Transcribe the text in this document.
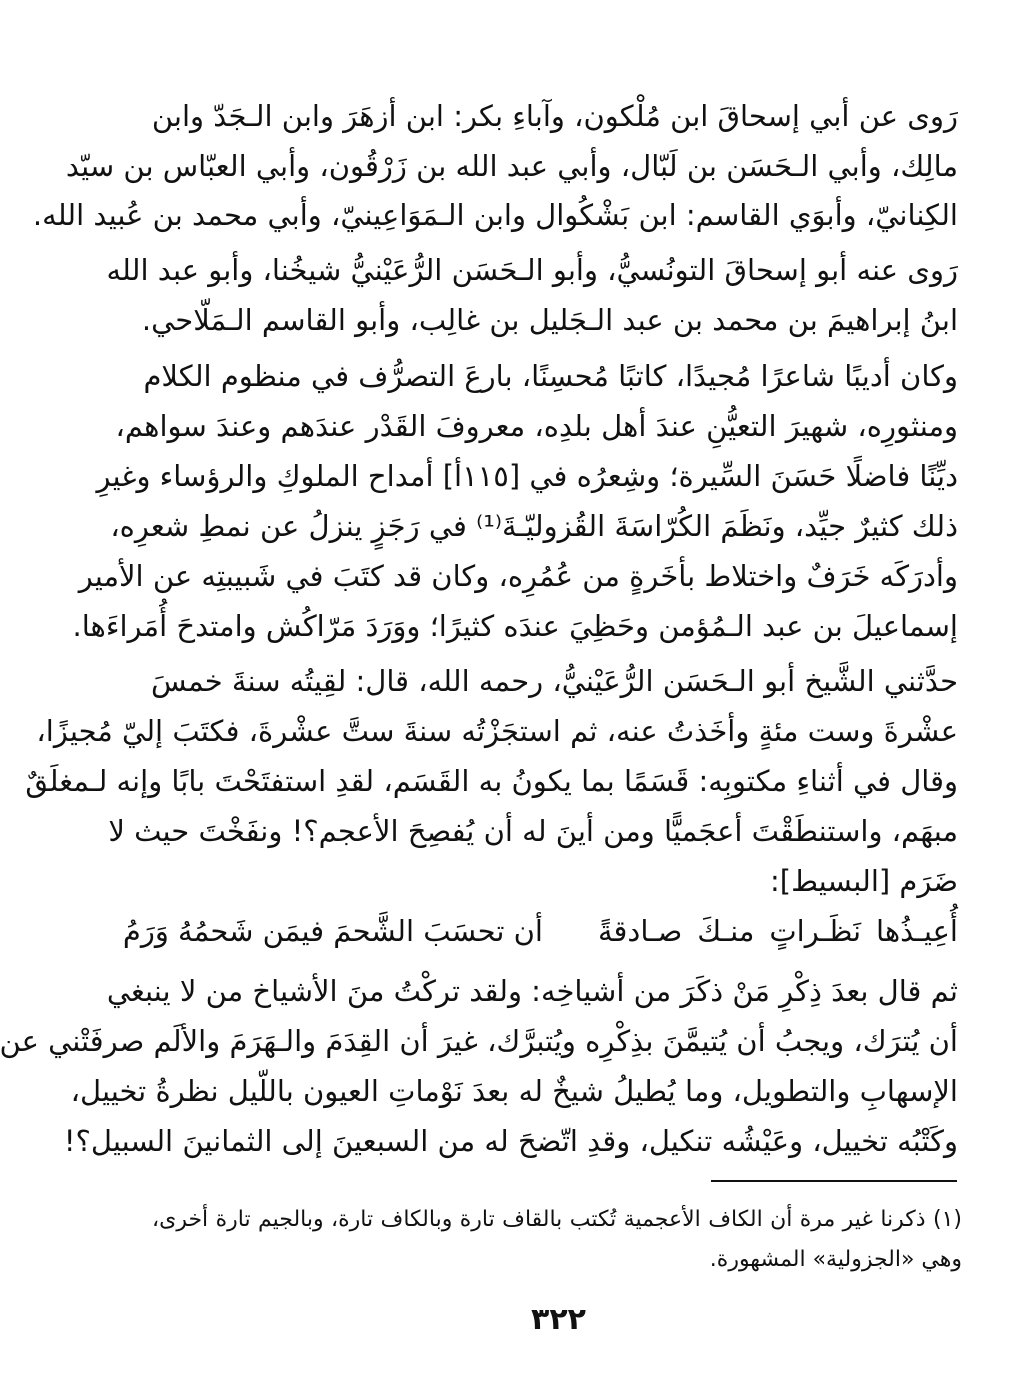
رَوى عن أبي إسحاقَ ابن مُلْكون، وآباءِ بكر: ابن أزهَرَ وابن الـجَدّ وابن
مالِك، وأبي الـحَسَن بن لَبّال، وأبي عبد الله بن زَرْقُون، وأبي العبّاس بن سيّد
الكِنانيّ، وأبوَي القاسم: ابن بَشْكُوال وابن الـمَوَاعِينيّ، وأبي محمد بن عُبيد الله.
رَوى عنه أبو إسحاقَ التونُسيُّ، وأبو الـحَسَن الرُّعَيْنيُّ شيخُنا، وأبو عبد الله
ابنُ إبراهيمَ بن محمد بن عبد الـجَليل بن غالِب، وأبو القاسم الـمَلّاحي.
وكان أديبًا شاعرًا مُجيدًا، كاتبًا مُحسِنًا، بارعَ التصرُّف في منظوم الكلام
ومنثورِه، شهيرَ التعيُّنِ عندَ أهل بلدِه، معروفَ القَدْر عندَهم وعندَ سواهم،
ديِّنًا فاضلًا حَسَنَ السِّيرة؛ وشِعرُه في [١١٥أ] أمداح الملوكِ والرؤساء وغيرِ
ذلك كثيرٌ جيِّد، ونَظَمَ الكُرّاسَةَ القُزوليّـةَ⁽¹⁾ في رَجَزٍ ينزلُ عن نمطِ شعرِه،
وأدرَكَه خَرَفٌ واختلاط بأخَرةٍ من عُمُرِه، وكان قد كتَبَ في شَبيبتِه عن الأمير
إسماعيلَ بن عبد الـمُؤمن وحَظِيَ عندَه كثيرًا؛ ووَرَدَ مَرّاكُش وامتدحَ أُمَراءَها.
حدَّثني الشَّيخ أبو الـحَسَن الرُّعَيْنيُّ، رحمه الله، قال: لقِيتُه سنةَ خمسَ
عشْرةَ وست مئةٍ وأخَذتُ عنه، ثم استجَزْتُه سنةَ ستَّ عشْرةَ، فكتَبَ إليّ مُجيزًا،
وقال في أثناءِ مكتوبِه: قَسَمًا بما يكونُ به القَسَم، لقدِ استفتَحْتَ بابًا وإنه لـمغلَقٌ
مبهَم، واستنطَقْتَ أعجَميًّا ومن أينَ له أن يُفصِحَ الأعجم؟! ونفَخْتَ حيث لا
ضَرَم [البسيط]:
أُعِيـذُها نَظَـراتٍ منـكَ صـادقةً
أن تحسَبَ الشَّحمَ فيمَن شَحمُهُ وَرَمُ
ثم قال بعدَ ذِكْرِ مَنْ ذكَرَ من أشياخِه: ولقد تركْتُ منَ الأشياخ من لا ينبغي
أن يُترَك، ويجبُ أن يُتيمَّنَ بذِكْرِه ويُتبرَّك، غيرَ أن القِدَمَ والـهَرَمَ والألَم صرفَتْني عن
الإسهابِ والتطويل، وما يُطيلُ شيخٌ له بعدَ نَوْماتِ العيون باللّيل نظرةُ تخييل،
وكَتْبُه تخييل، وعَيْشُه تنكيل، وقدِ اتّضحَ له من السبعينَ إلى الثمانينَ السبيل؟!
(١) ذكرنا غير مرة أن الكاف الأعجمية تُكتب بالقاف تارة وبالكاف تارة، وبالجيم تارة أخرى،
وهي «الجزولية» المشهورة.
٣٢٢
